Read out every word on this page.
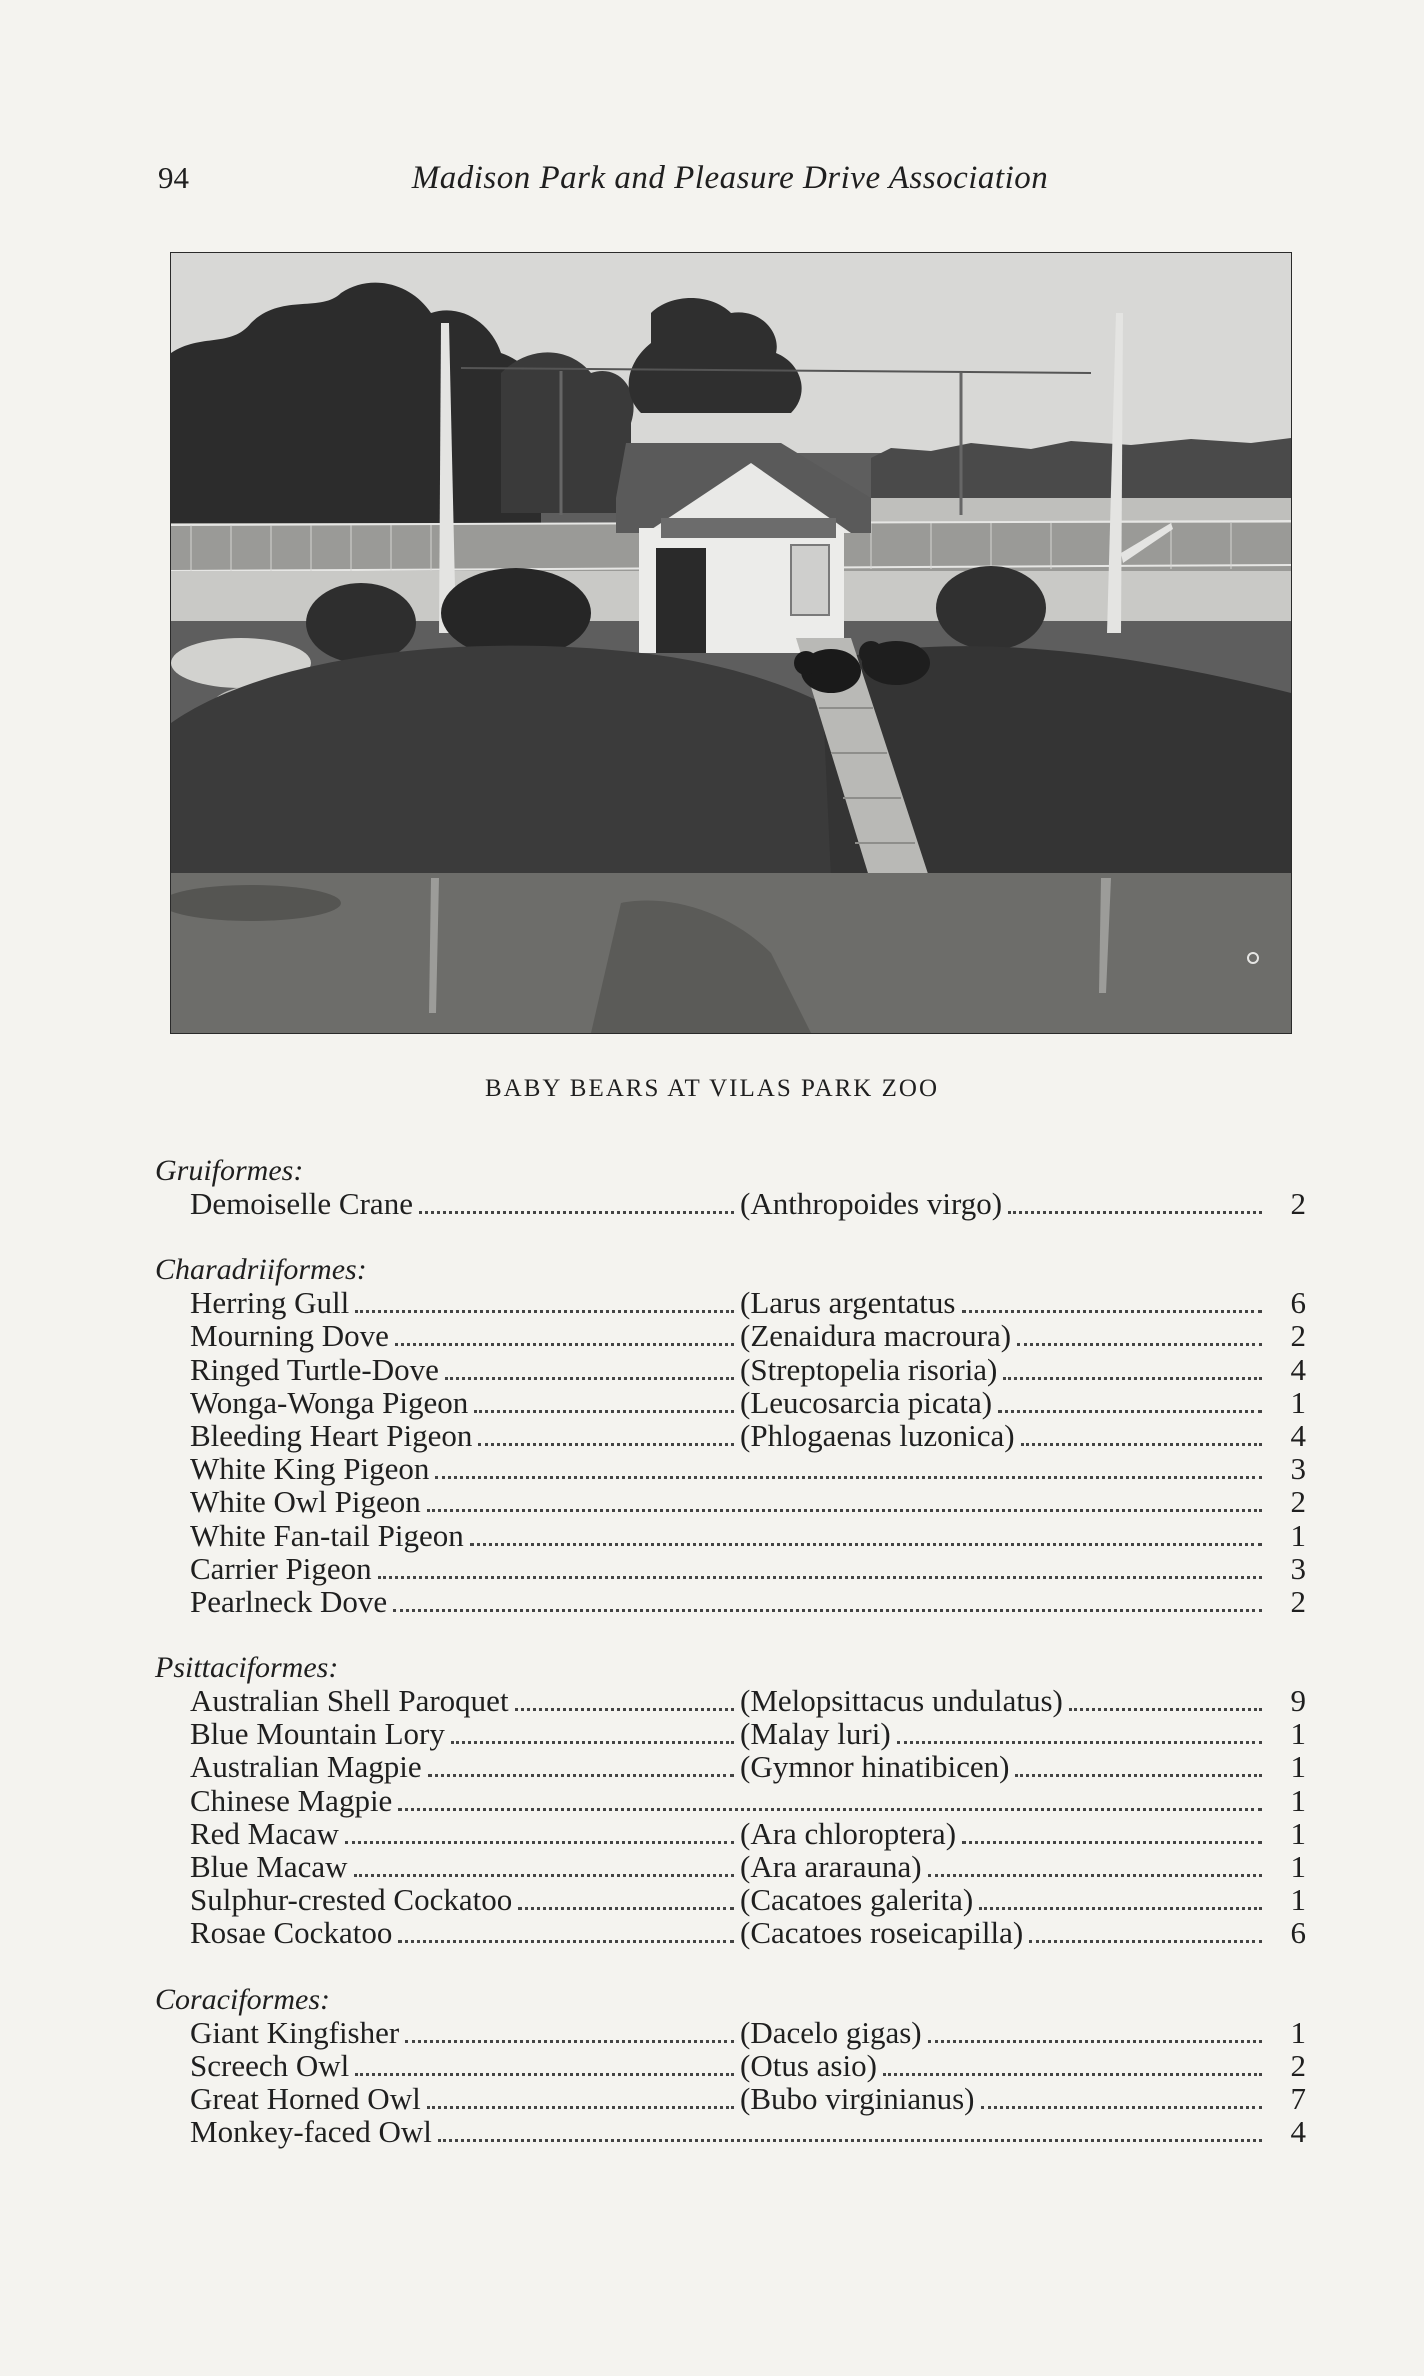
94	Madison Park and Pleasure Drive Association
BABY BEARS AT VILAS PARK ZOO
Gruiformes:
Demoiselle Crane	(Anthropoides virgo)	2
Charadriiformes:
Herring Gull	(Larus argentatus	6
Mourning Dove	(Zenaidura macroura)	2
Ringed Turtle-Dove	(Streptopelia risoria)	4
Wonga-Wonga Pigeon	(Leucosarcia picata)	1
Bleeding Heart Pigeon	(Phlogaenas luzonica)	4
White King Pigeon	3
White Owl Pigeon	2
White Fan-tail Pigeon	1
Carrier Pigeon	3
Pearlneck Dove	2
Psittaciformes:
Australian Shell Paroquet	(Melopsittacus undulatus)	9
Blue Mountain Lory	(Malay luri)	1
Australian Magpie	(Gymnor hinatibicen)	1
Chinese Magpie	1
Red Macaw	(Ara chloroptera)	1
Blue Macaw	(Ara ararauna)	1
Sulphur-crested Cockatoo	(Cacatoes galerita)	1
Rosae Cockatoo	(Cacatoes roseicapilla)	6
Coraciformes:
Giant Kingfisher	(Dacelo gigas)	1
Screech Owl	(Otus asio)	2
Great Horned Owl	(Bubo virginianus)	7
Monkey-faced Owl	4
